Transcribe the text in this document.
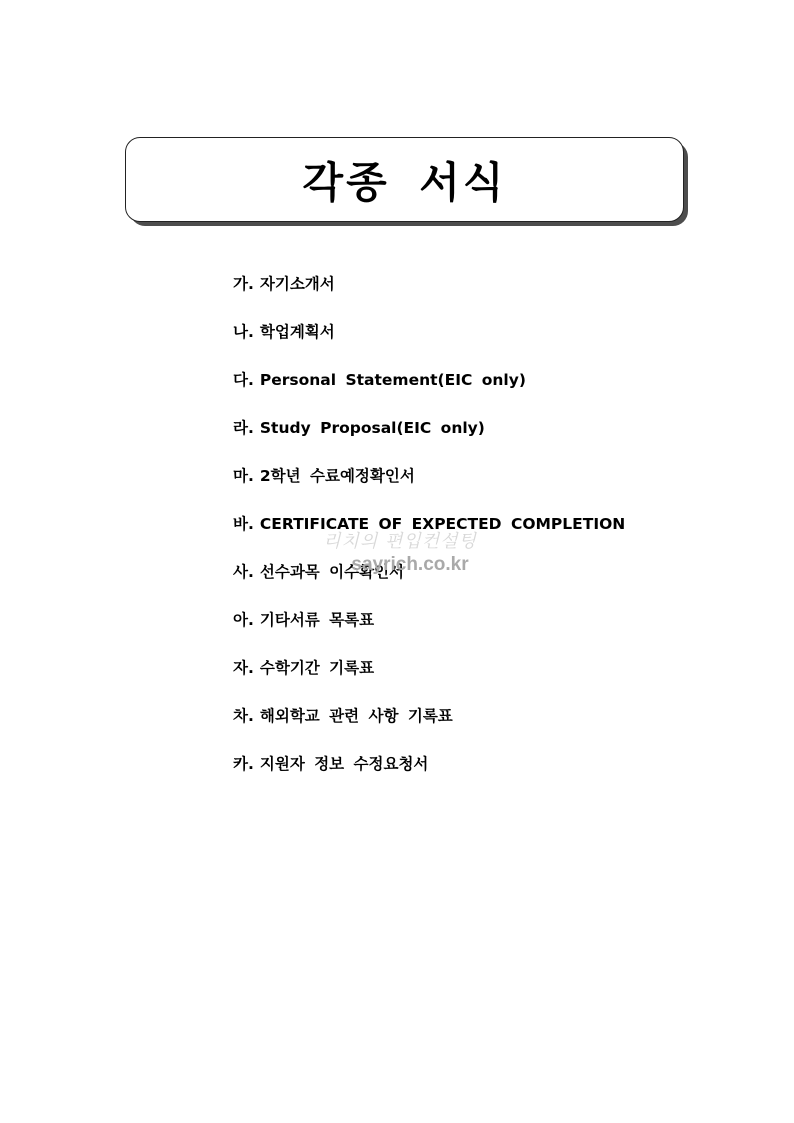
각종 서식
가. 자기소개서
나. 학업계획서
다. Personal Statement(EIC only)
라. Study Proposal(EIC only)
마. 2학년 수료예정확인서
바. CERTIFICATE OF EXPECTED COMPLETION
사. 선수과목 이수확인서
아. 기타서류 목록표
자. 수학기간 기록표
차. 해외학교 관련 사항 기록표
카. 지원자 정보 수정요청서
리치의 편입컨설팅
sayrich.co.kr
